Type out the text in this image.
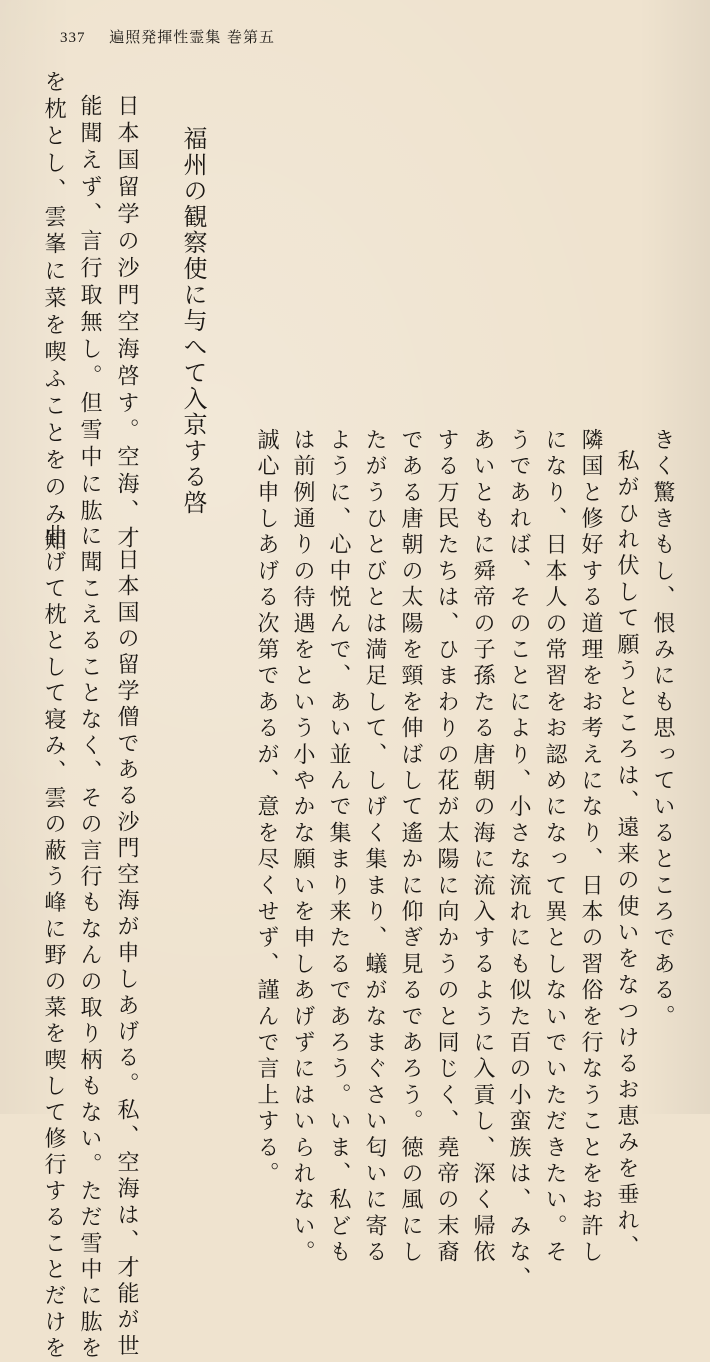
337 遍照発揮性霊集 巻第五
きく驚きもし、恨みにも思っているところである。
私がひれ伏して願うところは、遠来の使いをなつけるお恵みを垂れ、
隣国と修好する道理をお考えになり、日本の習俗を行なうことをお許し
になり、日本人の常習をお認めになって異としないでいただきたい。そ
うであれば、そのことにより、小さな流れにも似た百の小蛮族は、みな、
あいともに舜帝の子孫たる唐朝の海に流入するように入貢し、深く帰依
する万民たちは、ひまわりの花が太陽に向かうのと同じく、堯帝の末裔
である唐朝の太陽を頸を伸ばして遙かに仰ぎ見るであろう。徳の風にし
たがうひとびとは満足して、しげく集まり、蟻がなまぐさい匂いに寄る
ように、心中悦んで、あい並んで集まり来たるであろう。いま、私ども
は前例通りの待遇をという小やかな願いを申しあげずにはいられない。
誠心申しあげる次第であるが、意を尽くせず、謹んで言上する。
福州の観察使に与へて入京する啓
日本国留学の沙門空海啓す。空海、才
能聞えず、言行取無し。但雪中に肱
を枕とし、雲峯に菜を喫ふことをのみ知
日本国の留学僧である沙門空海が申しあげる。私、空海は、才能が世
に聞こえることなく、その言行もなんの取り柄もない。ただ雪中に肱を
曲げて枕として寝み、雲の蔽う峰に野の菜を喫して修行することだけを
